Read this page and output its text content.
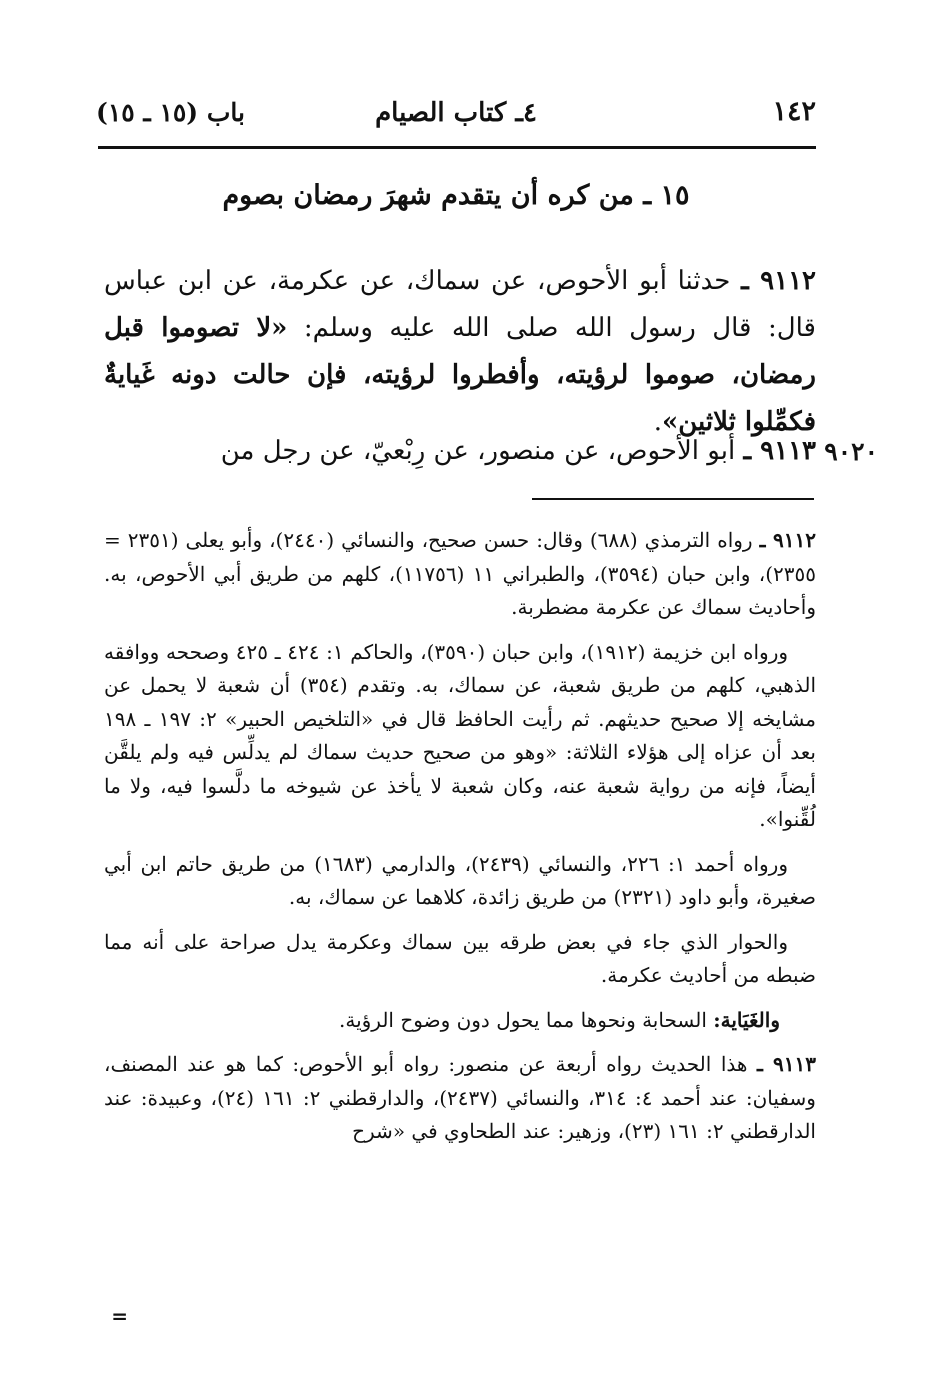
١٤٢
٤ـ كتاب الصيام
باب (١٥ ـ ١٥)
١٥ ـ من كره أن يتقدم شهرَ رمضان بصوم

٩١١٢ ـ حدثنا أبو الأحوص، عن سماك، عن عكرمة، عن ابن عباس قال: قال رسول الله صلى الله عليه وسلم: «لا تصوموا قبل رمضان، صوموا لرؤيته، وأفطروا لرؤيته، فإن حالت دونه غَيايةٌ فكمِّلوا ثلاثين».

٩٠٢٠

٩١١٣ ـ أبو الأحوص، عن منصور، عن رِبْعيّ، عن رجل من

٩١١٢ ـ رواه الترمذي (٦٨٨) وقال: حسن صحيح، والنسائي (٢٤٤٠)، وأبو يعلى (٢٣٥١ = ٢٣٥٥)، وابن حبان (٣٥٩٤)، والطبراني ١١ (١١٧٥٦)، كلهم من طريق أبي الأحوص، به. وأحاديث سماك عن عكرمة مضطربة.

ورواه ابن خزيمة (١٩١٢)، وابن حبان (٣٥٩٠)، والحاكم ١: ٤٢٤ ـ ٤٢٥ وصححه ووافقه الذهبي، كلهم من طريق شعبة، عن سماك، به. وتقدم (٣٥٤) أن شعبة لا يحمل عن مشايخه إلا صحيح حديثهم. ثم رأيت الحافظ قال في «التلخيص الحبير» ٢: ١٩٧ ـ ١٩٨ بعد أن عزاه إلى هؤلاء الثلاثة: «وهو من صحيح حديث سماك لم يدلِّس فيه ولم يلقَّن أيضاً، فإنه من رواية شعبة عنه، وكان شعبة لا يأخذ عن شيوخه ما دلَّسوا فيه، ولا ما لُقِّنوا».

ورواه أحمد ١: ٢٢٦، والنسائي (٢٤٣٩)، والدارمي (١٦٨٣) من طريق حاتم ابن أبي صغيرة، وأبو داود (٢٣٢١) من طريق زائدة، كلاهما عن سماك، به.

والحوار الذي جاء في بعض طرقه بين سماك وعكرمة يدل صراحة على أنه مما ضبطه من أحاديث عكرمة.

والغَيَاية: السحابة ونحوها مما يحول دون وضوح الرؤية.

٩١١٣ ـ هذا الحديث رواه أربعة عن منصور: رواه أبو الأحوص: كما هو عند المصنف، وسفيان: عند أحمد ٤: ٣١٤، والنسائي (٢٤٣٧)، والدارقطني ٢: ١٦١ (٢٤)، وعبيدة: عند الدارقطني ٢: ١٦١ (٢٣)، وزهير: عند الطحاوي في «شرح

=
